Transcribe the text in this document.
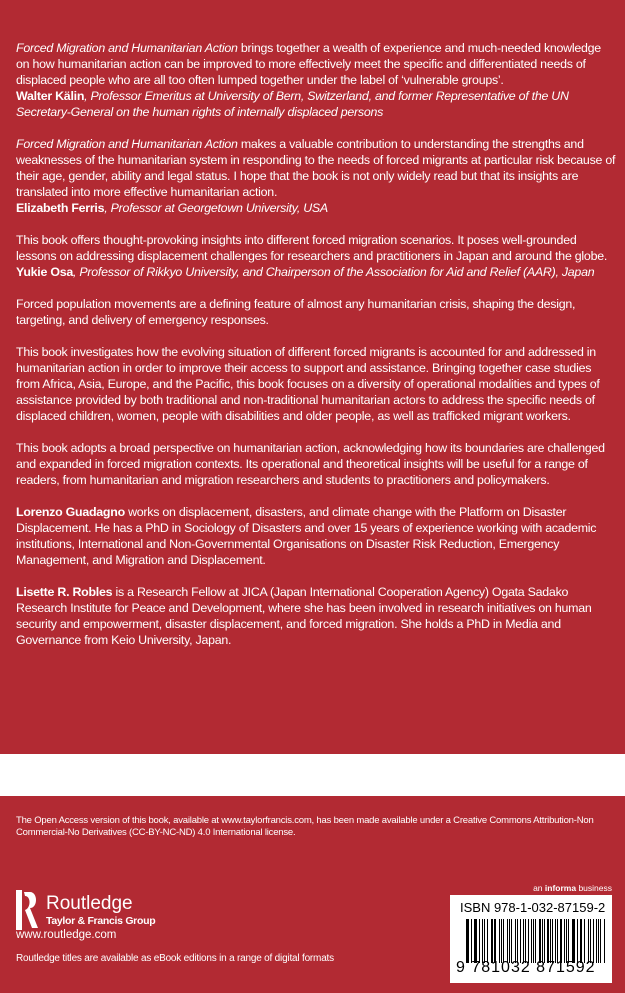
Forced Migration and Humanitarian Action brings together a wealth of experience and much-needed knowledge on how humanitarian action can be improved to more effectively meet the specific and differentiated needs of displaced people who are all too often lumped together under the label of ‘vulnerable groups’.
Walter Kälin, Professor Emeritus at University of Bern, Switzerland, and former Representative of the UN Secretary-General on the human rights of internally displaced persons

Forced Migration and Humanitarian Action makes a valuable contribution to understanding the strengths and weaknesses of the humanitarian system in responding to the needs of forced migrants at particular risk because of their age, gender, ability and legal status. I hope that the book is not only widely read but that its insights are translated into more effective humanitarian action.
Elizabeth Ferris, Professor at Georgetown University, USA

This book offers thought-provoking insights into different forced migration scenarios. It poses well-grounded lessons on addressing displacement challenges for researchers and practitioners in Japan and around the globe.
Yukie Osa, Professor of Rikkyo University, and Chairperson of the Association for Aid and Relief (AAR), Japan

Forced population movements are a defining feature of almost any humanitarian crisis, shaping the design, targeting, and delivery of emergency responses.

This book investigates how the evolving situation of different forced migrants is accounted for and addressed in humanitarian action in order to improve their access to support and assistance. Bringing together case studies from Africa, Asia, Europe, and the Pacific, this book focuses on a diversity of operational modalities and types of assistance provided by both traditional and non-traditional humanitarian actors to address the specific needs of displaced children, women, people with disabilities and older people, as well as trafficked migrant workers.

This book adopts a broad perspective on humanitarian action, acknowledging how its boundaries are challenged and expanded in forced migration contexts. Its operational and theoretical insights will be useful for a range of readers, from humanitarian and migration researchers and students to practitioners and policymakers.

Lorenzo Guadagno works on displacement, disasters, and climate change with the Platform on Disaster Displacement. He has a PhD in Sociology of Disasters and over 15 years of experience working with academic institutions, International and Non-Governmental Organisations on Disaster Risk Reduction, Emergency Management, and Migration and Displacement.

Lisette R. Robles is a Research Fellow at JICA (Japan International Cooperation Agency) Ogata Sadako Research Institute for Peace and Development, where she has been involved in research initiatives on human security and empowerment, disaster displacement, and forced migration. She holds a PhD in Media and Governance from Keio University, Japan.

The Open Access version of this book, available at www.taylorfrancis.com, has been made available under a Creative Commons Attribution-Non Commercial-No Derivatives (CC-BY-NC-ND) 4.0 International license.
Routledge
Taylor & Francis Group
www.routledge.com
Routledge titles are available as eBook editions in a range of digital formats
an informa business
ISBN 978-1-032-87159-2
9 781032 871592
